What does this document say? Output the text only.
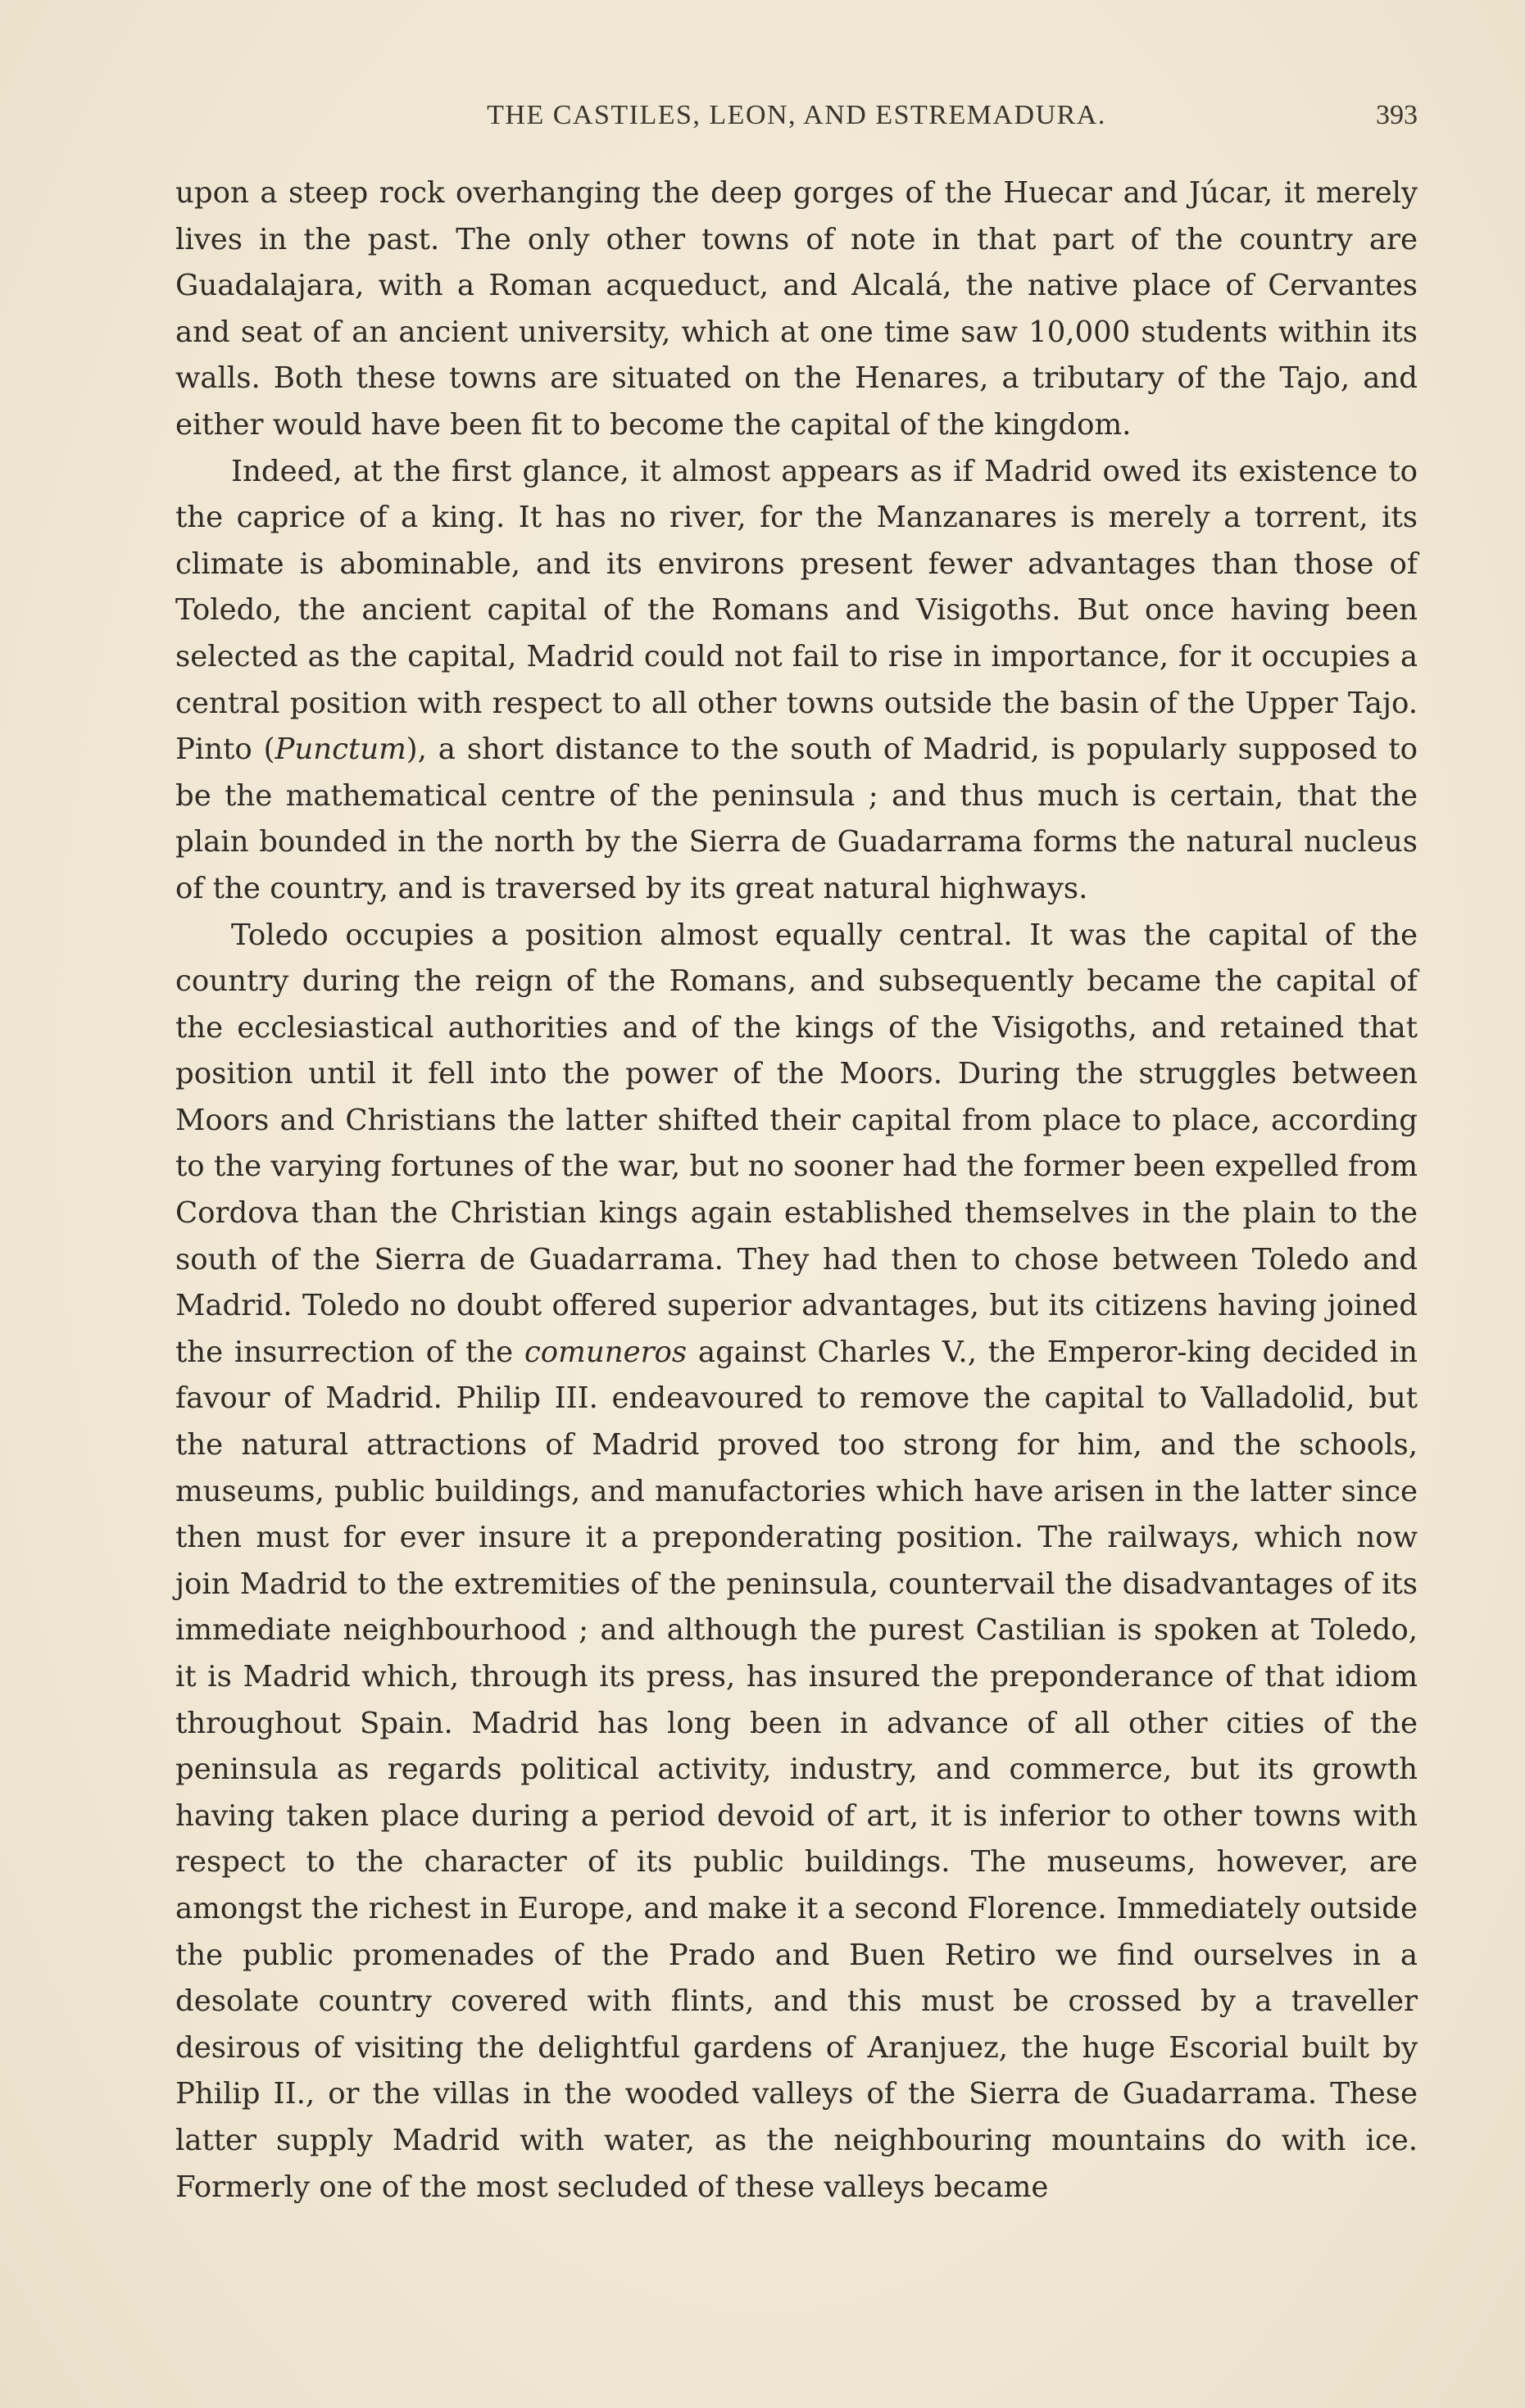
THE CASTILES, LEON, AND ESTREMADURA.	393

upon a steep rock overhanging the deep gorges of the Huecar and Júcar, it merely lives in the past. The only other towns of note in that part of the country are Guadalajara, with a Roman acqueduct, and Alcalá, the native place of Cervantes and seat of an ancient university, which at one time saw 10,000 students within its walls. Both these towns are situated on the Henares, a tributary of the Tajo, and either would have been fit to become the capital of the kingdom.

Indeed, at the first glance, it almost appears as if Madrid owed its existence to the caprice of a king. It has no river, for the Manzanares is merely a torrent, its climate is abominable, and its environs present fewer advantages than those of Toledo, the ancient capital of the Romans and Visigoths. But once having been selected as the capital, Madrid could not fail to rise in importance, for it occupies a central position with respect to all other towns outside the basin of the Upper Tajo. Pinto (Punctum), a short distance to the south of Madrid, is popularly supposed to be the mathematical centre of the peninsula ; and thus much is certain, that the plain bounded in the north by the Sierra de Guadarrama forms the natural nucleus of the country, and is traversed by its great natural highways.

Toledo occupies a position almost equally central. It was the capital of the country during the reign of the Romans, and subsequently became the capital of the ecclesiastical authorities and of the kings of the Visigoths, and retained that position until it fell into the power of the Moors. During the struggles between Moors and Christians the latter shifted their capital from place to place, according to the varying fortunes of the war, but no sooner had the former been expelled from Cordova than the Christian kings again established themselves in the plain to the south of the Sierra de Guadarrama. They had then to chose between Toledo and Madrid. Toledo no doubt offered superior advantages, but its citizens having joined the insurrection of the comuneros against Charles V., the Emperor-king decided in favour of Madrid. Philip III. endeavoured to remove the capital to Valladolid, but the natural attractions of Madrid proved too strong for him, and the schools, museums, public buildings, and manufactories which have arisen in the latter since then must for ever insure it a preponderating position. The railways, which now join Madrid to the extremities of the peninsula, countervail the disadvantages of its immediate neighbourhood ; and although the purest Castilian is spoken at Toledo, it is Madrid which, through its press, has insured the preponderance of that idiom throughout Spain. Madrid has long been in advance of all other cities of the peninsula as regards political activity, industry, and commerce, but its growth having taken place during a period devoid of art, it is inferior to other towns with respect to the character of its public buildings. The museums, however, are amongst the richest in Europe, and make it a second Florence. Immediately outside the public promenades of the Prado and Buen Retiro we find ourselves in a desolate country covered with flints, and this must be crossed by a traveller desirous of visiting the delightful gardens of Aranjuez, the huge Escorial built by Philip II., or the villas in the wooded valleys of the Sierra de Guadarrama. These latter supply Madrid with water, as the neighbouring mountains do with ice. Formerly one of the most secluded of these valleys became
